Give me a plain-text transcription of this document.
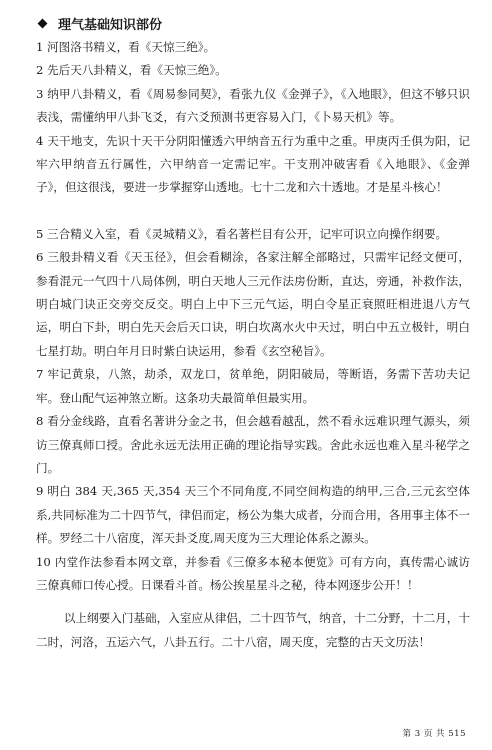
理气基础知识部份

1 河图洛书精义，看《天惊三绝》。

2 先后天八卦精义，看《天惊三绝》。

3 纳甲八卦精义，看《周易参同契》，看张九仪《金弹子》，《入地眼》，但这不够只识表浅，需懂纳甲八卦飞爻，有六爻预测书更容易入门，《卜易天机》等。

4 天干地支，先识十天干分阴阳懂透六甲纳音五行为重中之重。甲庚丙壬俱为阳，记牢六甲纳音五行属性，六甲纳音一定需记牢。干支刑冲破害看《入地眼》、《金弹子》，但这很浅，要进一步掌握穿山透地。七十二龙和六十透地。才是星斗核心！

5 三合精义入室，看《灵城精义》，看名著栏目有公开，记牢可识立向操作纲要。

6 三般卦精义看《天玉径》，但会看糊涂，各家注解全部略过，只需牢记经文便可，参看混元一气四十八局体例，明白天地人三元作法房份断，直达，旁通，补救作法，明白城门诀正交旁交反交。明白上中下三元气运，明白令星正衰照旺相进退八方气运，明白下卦，明白先天会后天口诀，明白坎离水火中天过，明白中五立极针，明白七星打劫。明白年月日时紫白诀运用，参看《玄空秘旨》。

7 牢记黄泉，八煞，劫杀，双龙口，贫单绝，阴阳破局，等断语，务需下苦功夫记牢。登山配气运神煞立断。这条功夫最简单但最实用。

8 看分金线路，直看名著讲分金之书，但会越看越乱，然不看永远难识理气源头，须访三僚真师口授。舍此永远无法用正确的理论指导实践。舍此永远也难入星斗秘学之门。

9 明白 384 天,365 天,354 天三个不同角度,不同空间构造的纳甲,三合,三元玄空体系,共同标准为二十四节气，律侣而定，杨公为集大成者，分而合用，各用事主体不一样。罗经二十八宿度，浑天卦爻度,周天度为三大理论体系之源头。

10 内堂作法参看本网文章，并参看《三僚多本秘本便览》可有方向，真传需心诚访三僚真师口传心授。日课看斗首。杨公挨星星斗之秘，待本网逐步公开！！

以上纲要入门基础，入室应从律侣，二十四节气，纳音，十二分野，十二月，十二时，河洛，五运六气，八卦五行。二十八宿，周天度，完整的古天文历法！

第 3 页 共 515
